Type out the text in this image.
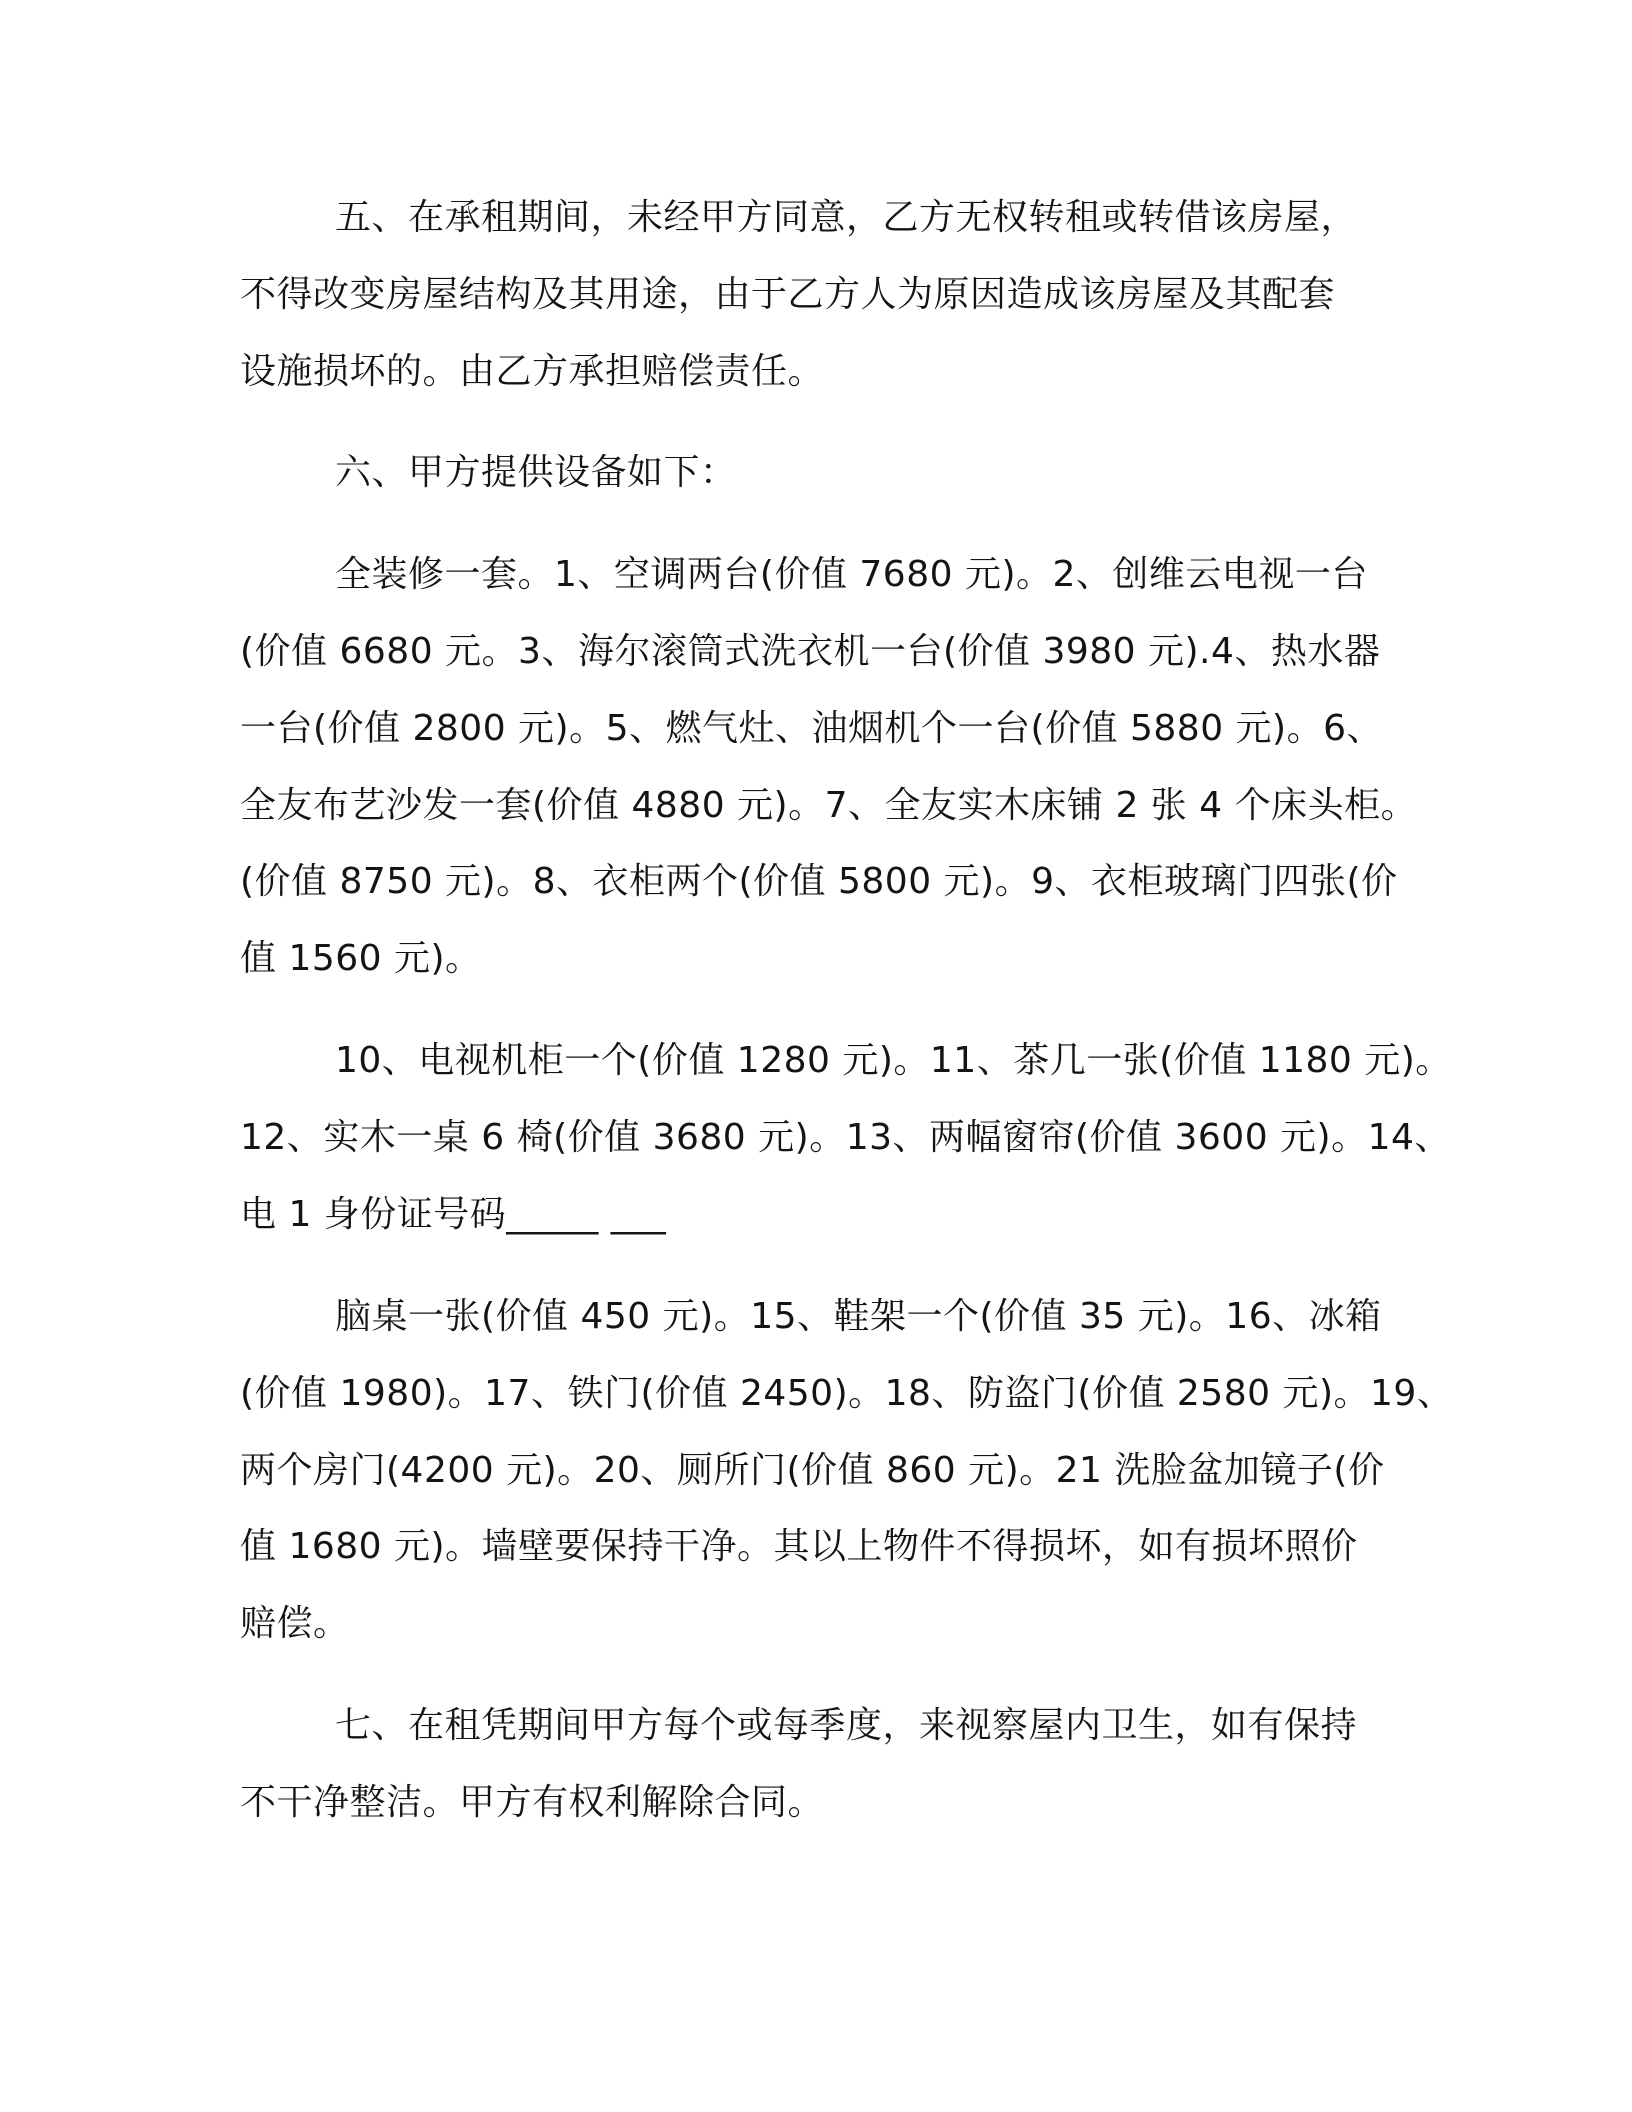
五、在承租期间，未经甲方同意，乙方无权转租或转借该房屋，

不得改变房屋结构及其用途，由于乙方人为原因造成该房屋及其配套

设施损坏的。由乙方承担赔偿责任。

六、甲方提供设备如下：

全装修一套。1、空调两台(价值 7680 元)。2、创维云电视一台

(价值 6680 元。3、海尔滚筒式洗衣机一台(价值 3980 元).4、热水器

一台(价值 2800 元)。5、燃气灶、油烟机个一台(价值 5880 元)。6、

全友布艺沙发一套(价值 4880 元)。7、全友实木床铺 2 张 4 个床头柜。

(价值 8750 元)。8、衣柜两个(价值 5800 元)。9、衣柜玻璃门四张(价

值 1560 元)。

10、电视机柜一个(价值 1280 元)。11、茶几一张(价值 1180 元)。

12、实木一桌 6 椅(价值 3680 元)。13、两幅窗帘(价值 3600 元)。14、

电 1 身份证号码_____ ___

脑桌一张(价值 450 元)。15、鞋架一个(价值 35 元)。16、冰箱

(价值 1980)。17、铁门(价值 2450)。18、防盗门(价值 2580 元)。19、

两个房门(4200 元)。20、厕所门(价值 860 元)。21 洗脸盆加镜子(价

值 1680 元)。墙壁要保持干净。其以上物件不得损坏，如有损坏照价

赔偿。

七、在租凭期间甲方每个或每季度，来视察屋内卫生，如有保持

不干净整洁。甲方有权利解除合同。
